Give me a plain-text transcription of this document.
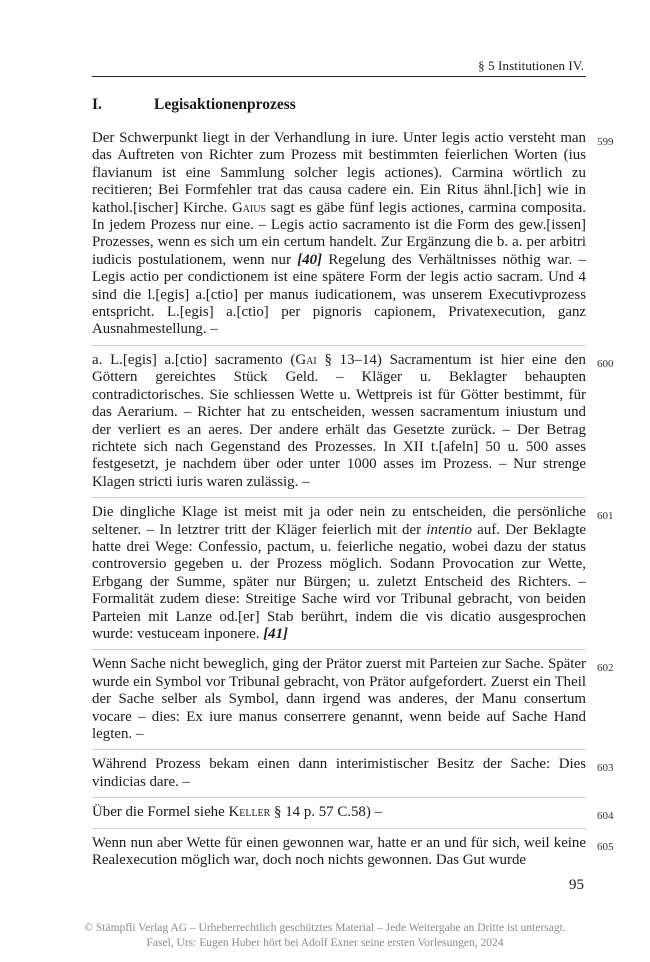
§ 5 Institutionen IV.
I.	Legisaktionenprozess

Der Schwerpunkt liegt in der Verhandlung in iure. Unter legis actio versteht man das Auftreten von Richter zum Prozess mit bestimmten feierlichen Worten (ius flavianum ist eine Sammlung solcher legis actiones). Carmina wörtlich zu recitieren; Bei Formfehler trat das causa cadere ein. Ein Ritus ähnl.[ich] wie in kathol.[ischer] Kirche. Gaius sagt es gäbe fünf legis actiones, carmina composita. In jedem Prozess nur eine. – Legis actio sacramento ist die Form des gew.[issen] Prozesses, wenn es sich um ein certum handelt. Zur Ergänzung die b. a. per arbitri iudicis postulationem, wenn nur [40] Regelung des Verhältnisses nöthig war. – Legis actio per condictionem ist eine spätere Form der legis actio sacram. Und 4 sind die l.[egis] a.[ctio] per manus iudicationem, was unserem Executivprozess entspricht. L.[egis] a.[ctio] per pignoris capionem, Privatexecution, ganz Ausnahmestellung. –
599

a. L.[egis] a.[ctio] sacramento (Gai § 13–14) Sacramentum ist hier eine den Göttern gereichtes Stück Geld. – Kläger u. Beklagter behaupten contradictorisches. Sie schliessen Wette u. Wettpreis ist für Götter bestimmt, für das Aerarium. – Richter hat zu entscheiden, wessen sacramentum iniustum und der verliert es an aeres. Der andere erhält das Gesetzte zurück. – Der Betrag richtete sich nach Gegenstand des Prozesses. In XII t.[afeln] 50 u. 500 asses festgesetzt, je nachdem über oder unter 1000 asses im Prozess. – Nur strenge Klagen stricti iuris waren zulässig. –
600

Die dingliche Klage ist meist mit ja oder nein zu entscheiden, die persönliche seltener. – In letztrer tritt der Kläger feierlich mit der intentio auf. Der Beklagte hatte drei Wege: Confessio, pactum, u. feierliche negatio, wobei dazu der status controversio gegeben u. der Prozess möglich. Sodann Provocation zur Wette, Erbgang der Summe, später nur Bürgen; u. zuletzt Entscheid des Richters. – Formalität zudem diese: Streitige Sache wird vor Tribunal gebracht, von beiden Parteien mit Lanze od.[er] Stab berührt, indem die vis dicatio ausgesprochen wurde: vestuceam inponere. [41]
601

Wenn Sache nicht beweglich, ging der Prätor zuerst mit Parteien zur Sache. Später wurde ein Symbol vor Tribunal gebracht, von Prätor aufgefordert. Zuerst ein Theil der Sache selber als Symbol, dann irgend was anderes, der Manu consertum vocare – dies: Ex iure manus conserrere genannt, wenn beide auf Sache Hand legten. –
602

Während Prozess bekam einen dann interimistischer Besitz der Sache: Dies vindicias dare. –
603

Über die Formel siehe Keller § 14 p. 57 C.58) –	604

Wenn nun aber Wette für einen gewonnen war, hatte er an und für sich, weil keine Realexecution möglich war, doch noch nichts gewonnen. Das Gut wurde
605

95
© Stämpfli Verlag AG – Urheberrechtlich geschütztes Material – Jede Weitergabe an Dritte ist untersagt.
Fasel, Urs: Eugen Huber hört bei Adolf Exner seine ersten Vorlesungen, 2024
